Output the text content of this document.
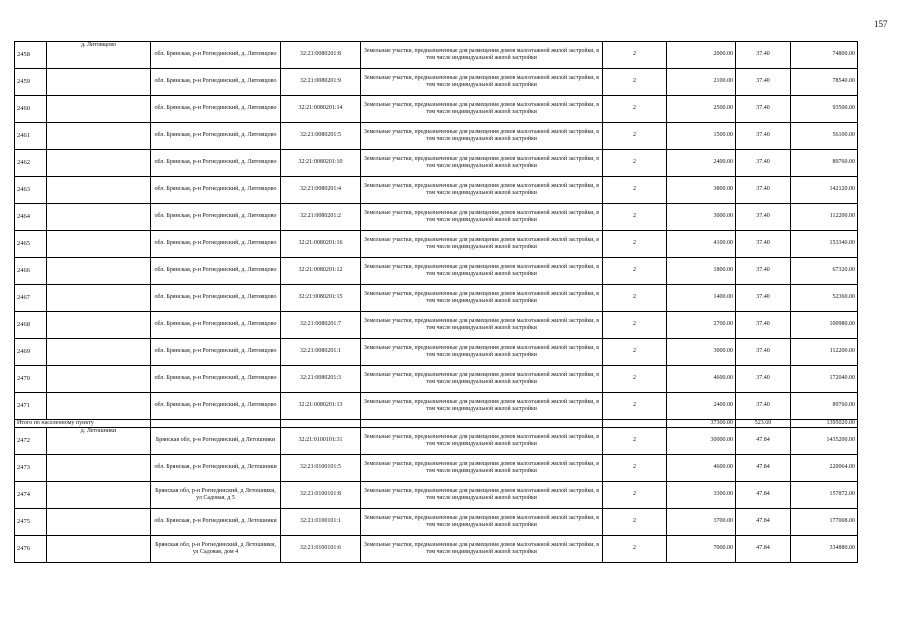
157
2458	д. Литовщово	обл. Брянская, р-н Рогнединский, д. Литовщово	32:21:0080201:8	Земельные участки, предназначенные для размещения домов малоэтажной жилой застройки, в том числе индивидуальной жилой застройки	2	2000.00	37.40	74800.00
2459		обл. Брянская, р-н Рогнединский, д. Литовщово	32:21:0080201:9	Земельные участки, предназначенные для размещения домов малоэтажной жилой застройки, в том числе индивидуальной жилой застройки	2	2100.00	37.40	78540.00
2460		обл. Брянская, р-н Рогнединский, д. Литовщово	32:21:0080201:14	Земельные участки, предназначенные для размещения домов малоэтажной жилой застройки, в том числе индивидуальной жилой застройки	2	2500.00	37.40	93500.00
2461		обл. Брянская, р-н Рогнединский, д. Литовщово	32:21:0080201:5	Земельные участки, предназначенные для размещения домов малоэтажной жилой застройки, в том числе индивидуальной жилой застройки	2	1500.00	37.40	56100.00
2462		обл. Брянская, р-н Рогнединский, д. Литовщово	32:21:0080201:10	Земельные участки, предназначенные для размещения домов малоэтажной жилой застройки, в том числе индивидуальной жилой застройки	2	2400.00	37.40	89760.00
2463		обл. Брянская, р-н Рогнединский, д. Литовщово	32:21:0080201:4	Земельные участки, предназначенные для размещения домов малоэтажной жилой застройки, в том числе индивидуальной жилой застройки	2	3800.00	37.40	142120.00
2464		обл. Брянская, р-н Рогнединский, д. Литовщово	32:21:0080201:2	Земельные участки, предназначенные для размещения домов малоэтажной жилой застройки, в том числе индивидуальной жилой застройки	2	3000.00	37.40	112200.00
2465		обл. Брянская, р-н Рогнединский, д. Литовщово	32:21:0080201:16	Земельные участки, предназначенные для размещения домов малоэтажной жилой застройки, в том числе индивидуальной жилой застройки	2	4100.00	37.40	153340.00
2466		обл. Брянская, р-н Рогнединский, д. Литовщово	32:21:0080201:12	Земельные участки, предназначенные для размещения домов малоэтажной жилой застройки, в том числе индивидуальной жилой застройки	2	1800.00	37.40	67320.00
2467		обл. Брянская, р-н Рогнединский, д. Литовщово	32:21:0080201:15	Земельные участки, предназначенные для размещения домов малоэтажной жилой застройки, в том числе индивидуальной жилой застройки	2	1400.00	37.40	52360.00
2468		обл. Брянская, р-н Рогнединский, д. Литовщово	32:21:0080201:7	Земельные участки, предназначенные для размещения домов малоэтажной жилой застройки, в том числе индивидуальной жилой застройки	2	2700.00	37.40	100980.00
2469		обл. Брянская, р-н Рогнединский, д. Литовщово	32:21:0080201:1	Земельные участки, предназначенные для размещения домов малоэтажной жилой застройки, в том числе индивидуальной жилой застройки	2	3000.00	37.40	112200.00
2470		обл. Брянская, р-н Рогнединский, д. Литовщово	32:21:0080201:3	Земельные участки, предназначенные для размещения домов малоэтажной жилой застройки, в том числе индивидуальной жилой застройки	2	4600.00	37.40	172040.00
2471		обл. Брянская, р-н Рогнединский, д. Литовщово	32:21:0080201:13	Земельные участки, предназначенные для размещения домов малоэтажной жилой застройки, в том числе индивидуальной жилой застройки	2	2400.00	37.40	89760.00
Итого по населенному пункту						37300.00	523.60	1395020.00
2472	д. Летошники	Брянская обл, р-н Рогнединский, д Летошники	32:21:0100101:31	Земельные участки, предназначенные для размещения домов малоэтажной жилой застройки, в том числе индивидуальной жилой застройки	2	30000.00	47.84	1435200.00
2473		обл. Брянская, р-н Рогнединский, д. Летошники	32:21:0100101:5	Земельные участки, предназначенные для размещения домов малоэтажной жилой застройки, в том числе индивидуальной жилой застройки	2	4600.00	47.84	220064.00
2474		Брянская обл, р-н Рогнединский, д Летошники, ул Садовая, д 5	32:21:0100101:8	Земельные участки, предназначенные для размещения домов малоэтажной жилой застройки, в том числе индивидуальной жилой застройки	2	3300.00	47.84	157872.00
2475		обл. Брянская, р-н Рогнединский, д. Летошники	32:21:0100101:1	Земельные участки, предназначенные для размещения домов малоэтажной жилой застройки, в том числе индивидуальной жилой застройки	2	3700.00	47.84	177008.00
2476		Брянская обл, р-н Рогнединский, д Летошники, ул Садовая, дом 4	32:21:0100101:6	Земельные участки, предназначенные для размещения домов малоэтажной жилой застройки, в том числе индивидуальной жилой застройки	2	7000.00	47.84	334880.00
